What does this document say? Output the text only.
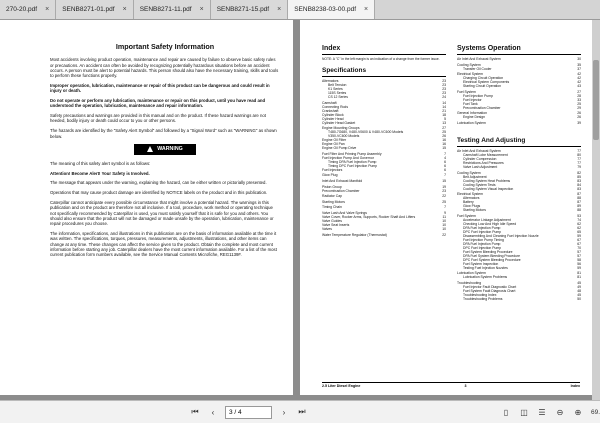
270-20.pdf × SENB8271-01.pdf × SENB8271-11.pdf × SENB8271-15.pdf × SENB8238-03-00.pdf ×
Important Safety Information

Most accidents involving product operation, maintenance and repair are caused by failure to observe basic safety rules or precautions. An accident can often be avoided by recognizing potentially hazardous situations before an accident occurs. A person must be alert to potential hazards. This person should also have the necessary training, skills and tools to perform these functions properly.

Improper operation, lubrication, maintenance or repair of this product can be dangerous and could result in injury or death.

Do not operate or perform any lubrication, maintenance or repair on this product, until you have read and understood the operation, lubrication, maintenance and repair information.

Safety precautions and warnings are provided in this manual and on the product. If these hazard warnings are not heeded, bodily injury or death could occur to you or other persons.

The hazards are identified by the "Safety Alert Symbol" and followed by a "Signal Word" such as "WARNING" as shown below.

WARNING

The meaning of this safety alert symbol is as follows:

Attention! Become Alert! Your Safety is Involved.

The message that appears under the warning, explaining the hazard, can be either written or pictorially presented.

Operations that may cause product damage are identified by NOTICE labels on the product and in this publication.

Caterpillar cannot anticipate every possible circumstance that might involve a potential hazard. The warnings in this publication and on the product are therefore not all inclusive. If a tool, procedure, work method or operating technique not specifically recommended by Caterpillar is used, you must satisfy yourself that it is safe for you and others. You should also ensure that the product will not be damaged or made unsafe by the operation, lubrication, maintenance or repair procedures you choose.

The information, specifications, and illustrations in this publication are on the basis of information available at the time it was written. The specifications, torques, pressures, measurements, adjustments, illustrations, and other items can change at any time. These changes can affect the service given to the product. Obtain the complete and most current information before starting any job. Caterpillar dealers have the most current information available. For a list of the most current publication form numbers available, see the Service Manual Contents Microfiche, REG1139F.

Index
NOTE: A "C" in the left margin is an indication of a change from the former issue.
Specifications
Alternators	23
Belt Tension	23
K1 Series	23
115S Series	23
CS 12 Series	24
Camshaft	14
Connecting Rods	14
Crankshaft	21
Cylinder Block	18
Cylinder Head	5
Cylinder Head Gasket	13
Engine Mounting Groups	27
T480-7G680, V480-V0600 & V480-VC600 Models	25
V350-VC600 Models	26
Engine Oil Filter	16
Engine Oil Pan	16
Engine Oil Pump Drive	15
Fuel Filter And Priming Pump Assembly	7
Fuel Injection Pump And Governor	4
Timing DPA Fuel Injection Pump	6
Timing DPC Fuel Injection Pump	6
Fuel Injectors	6
Glow Plug	7
Inlet And Exhaust Manifold	15
Piston Group	19
Precombustion Chamber	23
Radiator Cap	22
Starting Motors	25
Timing Chain	7
Valve Lash And Valve Springs	9
Valve Cover, Rocker Arms, Supports, Rocker Shaft And Lifters	11
Valve Guides	10
Valve Seat Inserts	10
Valves	10
Water Temperature Regulator (Thermostat)	22
Systems Operation
Air Inlet And Exhaust System	30
Cooling System	35
Transfer Oil Cooler	37
Electrical System	42
Charging Circuit Operation	42
Electrical System Components	42
Starting Circuit Operation	43
Fuel System	27
Fuel Injection Pump	28
Fuel Injector	33
Fuel Tank	25
Precombustion Chamber	29
General Information	26
Engine Design	26
Lubrication System	39
Testing And Adjusting
Air Inlet And Exhaust System	77
Camshaft Lobe Measurement	80
Cylinder Compression	77
Restrictions And Pressures	77
Valve Lash Adjustment	79
Cooling System	82
Belt Adjustment	85
Cooling System Heat Problems	83
Cooling System Tests	84
Cooling System Visual Inspection	83
Electrical System	87
Alternators	88
Battery	87
Glow Plugs	89
Starting Motors	88
Fuel System	53
Accelerator Linkage Adjustment	74
Checking Low And High Idle Speed	62
DPA Fuel Injection Pump	62
DPC Fuel Injection Pump	65
Disassembling And Cleaning Fuel Injection Nozzle	59
Fuel Injection Pump Timing	67
DPA Fuel Injection Pump	67
DPC Fuel Injection Pump	70
Fuel System Bleeding Procedure	57
DPA Fuel System Bleeding Procedure	57
DPC Fuel System Bleeding Procedure	58
Fuel System Inspection	56
Testing Fuel Injection Nozzles	59
Lubrication System	81
Lubrication System Problems	81
Troubleshooting	45
Fuel Injector Fault Diagnostic Chart	49
Fuel System Fault Diagnosis Chart	48
Troubleshooting Index	45
Troubleshooting Problems	50
2.5 Liter Diesel Engine	3	Index
⏮	‹	3 / 4	›	⏭	▯	◫	☰	⊖	⊕	69.
